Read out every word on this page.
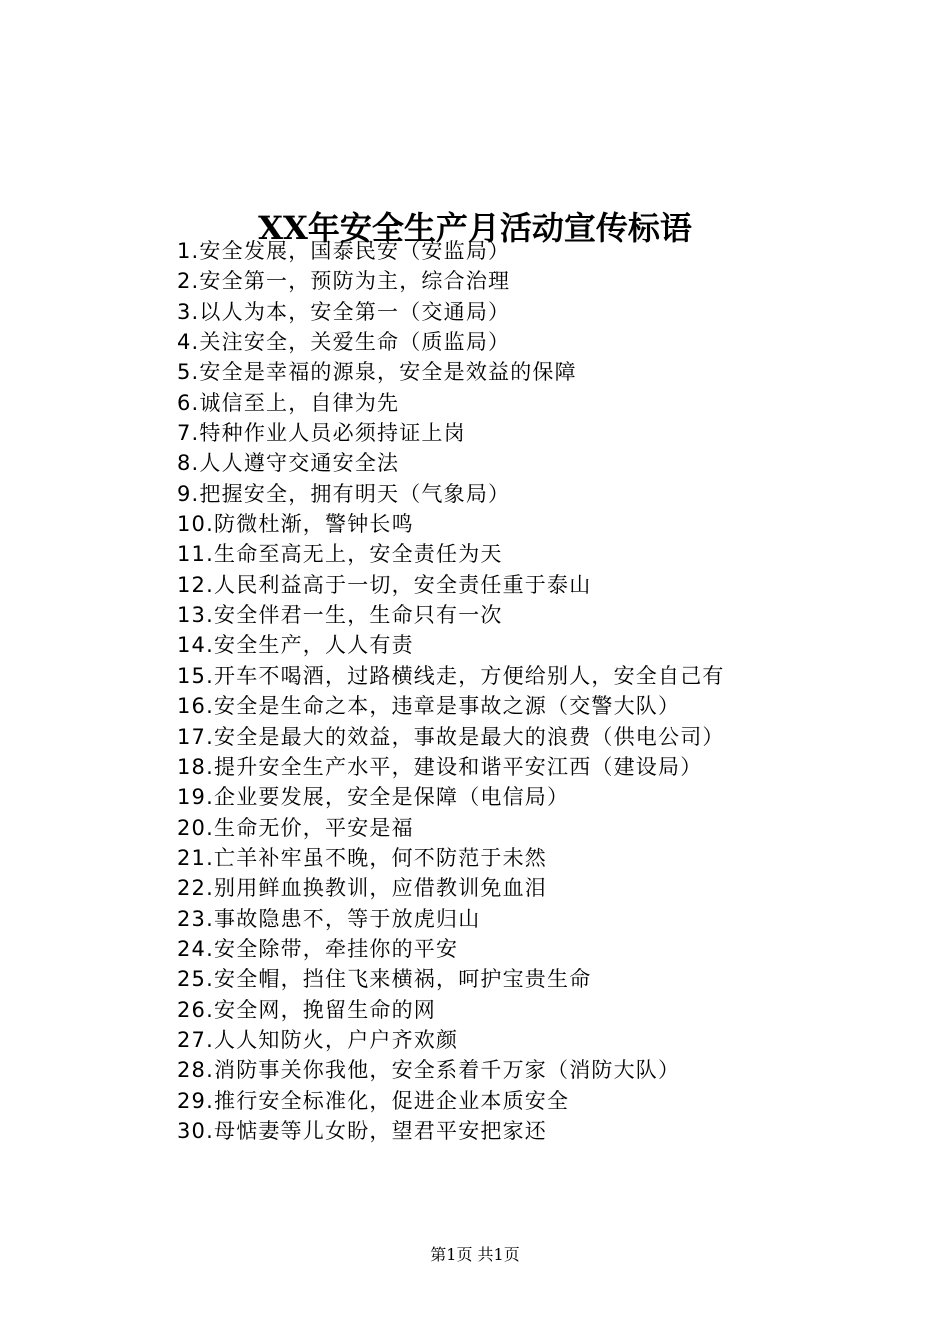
XX年安全生产月活动宣传标语
1.安全发展，国泰民安（安监局）
2.安全第一，预防为主，综合治理
3.以人为本，安全第一（交通局）
4.关注安全，关爱生命（质监局）
5.安全是幸福的源泉，安全是效益的保障
6.诚信至上，自律为先
7.特种作业人员必须持证上岗
8.人人遵守交通安全法
9.把握安全，拥有明天（气象局）
10.防微杜渐，警钟长鸣
11.生命至高无上，安全责任为天
12.人民利益高于一切，安全责任重于泰山
13.安全伴君一生，生命只有一次
14.安全生产，人人有责
15.开车不喝酒，过路横线走，方便给别人，安全自己有
16.安全是生命之本，违章是事故之源（交警大队）
17.安全是最大的效益，事故是最大的浪费（供电公司）
18.提升安全生产水平，建设和谐平安江西（建设局）
19.企业要发展，安全是保障（电信局）
20.生命无价，平安是福
21.亡羊补牢虽不晚，何不防范于未然
22.别用鲜血换教训，应借教训免血泪
23.事故隐患不，等于放虎归山
24.安全除带，牵挂你的平安
25.安全帽，挡住飞来横祸，呵护宝贵生命
26.安全网，挽留生命的网
27.人人知防火，户户齐欢颜
28.消防事关你我他，安全系着千万家（消防大队）
29.推行安全标准化，促进企业本质安全
30.母惦妻等儿女盼，望君平安把家还
第1页 共1页
